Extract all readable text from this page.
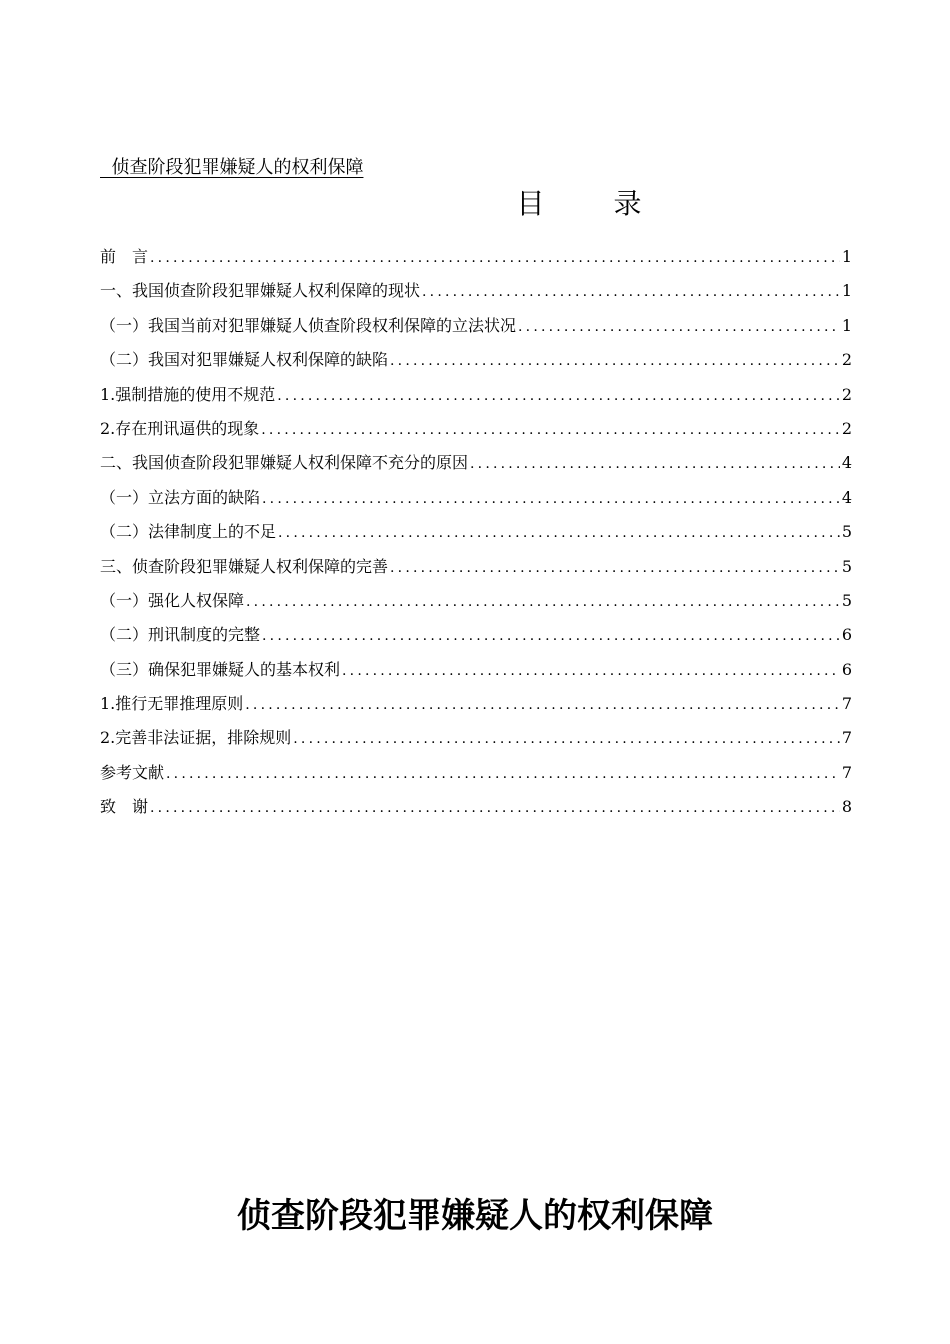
侦查阶段犯罪嫌疑人的权利保障
目 录
前　言 .....	1
一、我国侦查阶段犯罪嫌疑人权利保障的现状 .....	1
（一）我国当前对犯罪嫌疑人侦查阶段权利保障的立法状况 .....	1
（二）我国对犯罪嫌疑人权利保障的缺陷 .....	2
1.强制措施的使用不规范 .....	2
2.存在刑讯逼供的现象 .....	2
二、我国侦查阶段犯罪嫌疑人权利保障不充分的原因 .....	4
（一）立法方面的缺陷 .....	4
（二）法律制度上的不足 .....	5
三、侦查阶段犯罪嫌疑人权利保障的完善 .....	5
（一）强化人权保障 .....	5
（二）刑讯制度的完整 .....	6
（三）确保犯罪嫌疑人的基本权利 .....	6
1.推行无罪推理原则 .....	7
2.完善非法证据，排除规则 .....	7
参考文献 .....	7
致　谢 .....	8
侦查阶段犯罪嫌疑人的权利保障
